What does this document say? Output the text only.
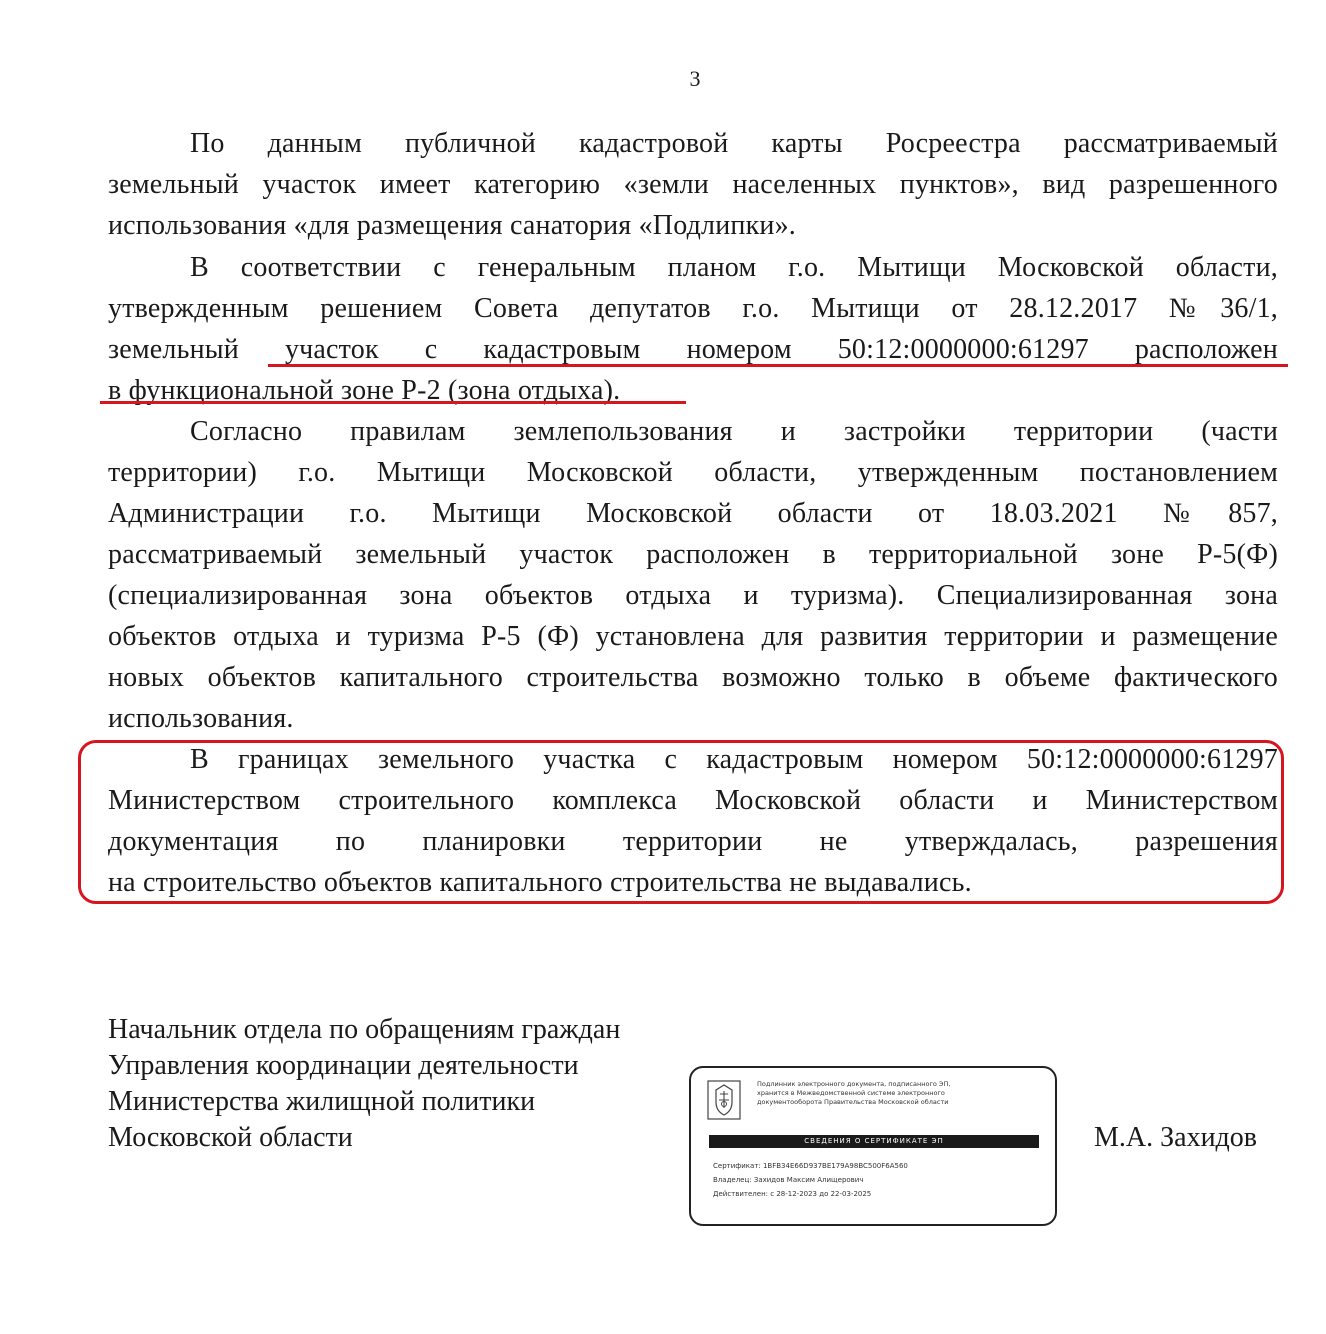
3
По данным публичной кадастровой карты Росреестра рассматриваемый
земельный участок имеет категорию «земли населенных пунктов», вид разрешенного
использования «для размещения санатория «Подлипки».
В соответствии с генеральным планом г.о. Мытищи Московской области,
утвержденным решением Совета депутатов г.о. Мытищи от 28.12.2017 №36/1,
земельный участок с кадастровым номером 50:12:0000000:61297 расположен
в функциональной зоне Р-2 (зона отдыха).
Согласно правилам землепользования и застройки территории (части
территории) г.о. Мытищи Московской области, утвержденным постановлением
Администрации г.о. Мытищи Московской области от 18.03.2021 №857,
рассматриваемый земельный участок расположен в территориальной зоне Р-5(Ф)
(специализированная зона объектов отдыха и туризма). Специализированная зона
объектов отдыха и туризма Р-5 (Ф) установлена для развития территории и размещение
новых объектов капитального строительства возможно только в объеме фактического
использования.
В границах земельного участка с кадастровым номером 50:12:0000000:61297
Министерством строительного комплекса Московской области и Министерством
документация по планировки территории не утверждалась, разрешения
на строительство объектов капитального строительства не выдавались.
Начальник отдела по обращениям граждан
Управления координации деятельности
Министерства жилищной политики
Московской области	М.А. Захидов
Подлинник электронного документа, подписанного ЭП,
хранится в Межведомственной системе электронного
документооборота Правительства Московской области
СВЕДЕНИЯ О СЕРТИФИКАТЕ ЭП
Сертификат: 1BFB34E66D937BE179A98BC500F6A560
Владелец: Захидов Максим Алищерович
Действителен: с 28-12-2023 до 22-03-2025
